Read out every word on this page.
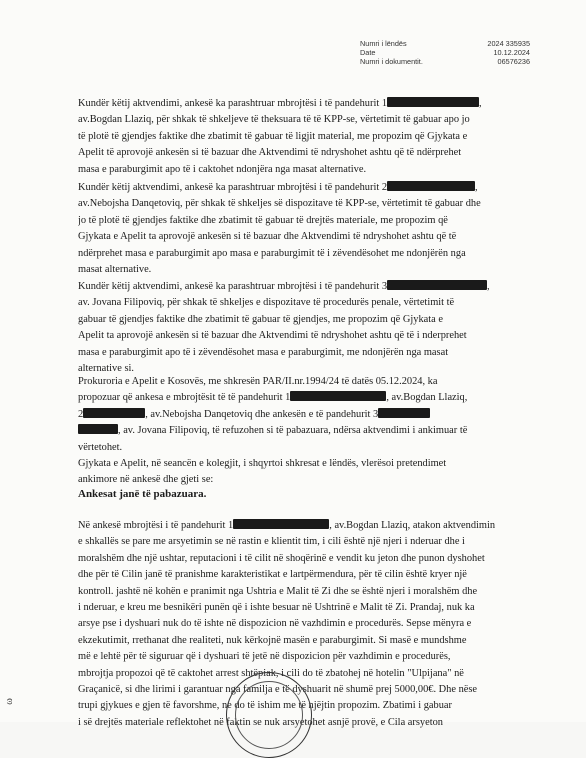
Numri i lëndës	2024 335935
Date	10.12.2024
Numri i dokumentit.	06576236
Kundër këtij aktvendimi, ankesë ka parashtruar mbrojtësi i të pandehurit 1	,
av.Bogdan Llaziq, për shkak të shkeljeve të theksuara të të KPP-se, vërtetimit të gabuar apo jo
të plotë të gjendjes faktike dhe zbatimit të gabuar të ligjit material, me propozim që Gjykata e
Apelit të aprovojë ankesën si të bazuar dhe Aktvendimi të ndryshohet ashtu që të ndërprehet
masa e paraburgimit apo të i caktohet ndonjëra nga masat alternative.
Kundër këtij aktvendimi, ankesë ka parashtruar mbrojtësi i të pandehurit 2	,
av.Nebojsha Danqetoviq, për shkak të shkeljes së dispozitave të KPP-se, vërtetimit të gabuar dhe
jo të plotë të gjendjes faktike dhe zbatimit të gabuar të drejtës materiale, me propozim që
Gjykata e Apelit ta aprovojë ankesën si të bazuar dhe Aktvendimi të ndryshohet ashtu që të
ndërprehet masa e paraburgimit apo masa e paraburgimit të i zëvendësohet me ndonjërën nga
masat alternative.
Kundër këtij aktvendimi, ankesë ka parashtruar mbrojtësi i të pandehurit 3	,
av. Jovana Filipoviq, për shkak të shkeljes e dispozitave të procedurës penale, vërtetimit të
gabuar të gjendjes faktike dhe zbatimit të gabuar të gjendjes, me propozim që Gjykata e
Apelit ta aprovojë ankesën si të bazuar dhe Aktvendimi të ndryshohet ashtu që të i nderprehet
masa e paraburgimit apo të i zëvendësohet masa e paraburgimit, me ndonjërën nga masat
alternative si.
Prokuroria e Apelit e Kosovës, me shkresën PAR/II.nr.1994/24 të datës 05.12.2024, ka
propozuar që ankesa e mbrojtësit të të pandehurit 1	, av.Bogdan Llaziq,
2	, av.Nebojsha Danqetoviq dhe ankesën e të pandehurit 3
, av. Jovana Filipoviq, të refuzohen si të pabazuara, ndërsa aktvendimi i ankimuar të
vërtetohet.
Gjykata e Apelit, në seancën e kolegjit, i shqyrtoi shkresat e lëndës, vlerësoi pretendimet
ankimore në ankesë dhe gjeti se:
Ankesat janë të pabazuara.
Në ankesë mbrojtësi i të pandehurit 1	, av.Bogdan Llaziq, atakon aktvendimin
e shkallës se pare me arsyetimin se në rastin e klientit tim, i cili është një njeri i nderuar dhe i
moralshëm dhe një ushtar, reputacioni i të cilit në shoqërinë e vendit ku jeton dhe punon dyshohet
dhe për të Cilin janë të pranishme karakteristikat e lartpërmendura, për të cilin është kryer një
kontroll. jashtë në kohën e pranimit nga Ushtria e Malit të Zi dhe se është njeri i moralshëm dhe
i nderuar, e kreu me besnikëri punën që i ishte besuar në Ushtrinë e Malit të Zi. Prandaj, nuk ka
arsye pse i dyshuari nuk do të ishte në dispozicion në vazhdimin e procedurës. Sepse mënyra e
ekzekutimit, rrethanat dhe realiteti, nuk kërkojnë masën e paraburgimit. Si masë e mundshme
më e lehtë për të siguruar që i dyshuari të jetë në dispozicion për vazhdimin e procedurës,
mbrojtja propozoi që të caktohet arrest shtëpiak, i cili do të zbatohej në hotelin "Ulpijana" në
Graçanicë, si dhe lirimi i garantuar nga familja e të dyshuarit në shumë prej 5000,00€. Dhe nëse
trupi gjykues e gjen të favorshme, ne do të ishim me të njëjtin propozim. Zbatimi i gabuar
i së drejtës materiale reflektohet në faktin se nuk arsyetohet asnjë provë, e Cila arsyeton
ω
